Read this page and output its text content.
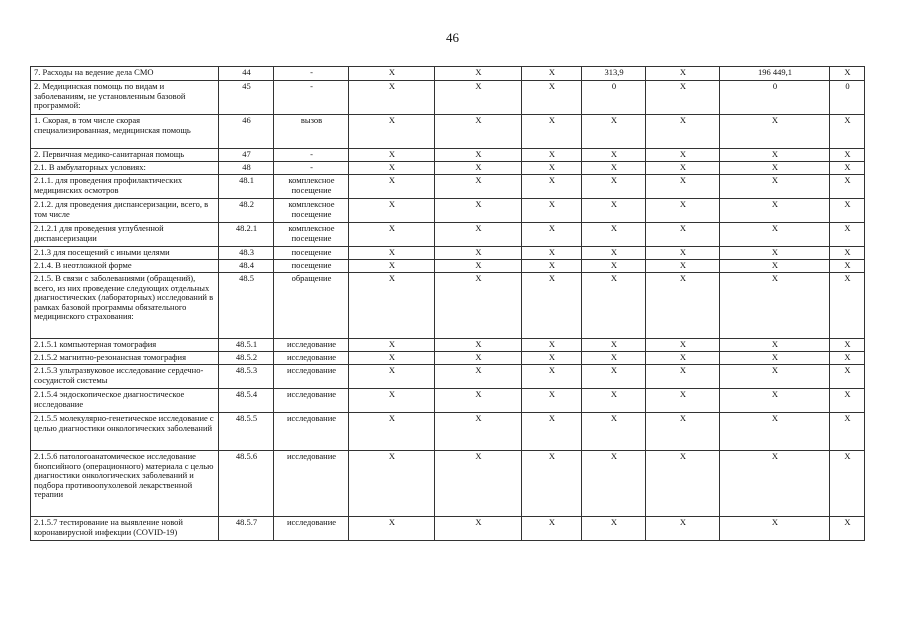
46
7. Расходы на ведение дела СМО	44	-	X	X	X	313,9	X	196 449,1	X
2. Медицинская помощь по видам и заболеваниям, не установленным базовой программой:	45	-	X	X	X	0	X	0	0
1. Скорая, в том числе скорая специализированная, медицинская помощь	46	вызов	X	X	X	X	X	X	X
2. Первичная медико-санитарная помощь	47	-	X	X	X	X	X	X	X
2.1. В амбулаторных условиях:	48	-	X	X	X	X	X	X	X
2.1.1. для проведения профилактических медицинских осмотров	48.1	комплексное посещение	X	X	X	X	X	X	X
2.1.2. для проведения диспансеризации, всего, в том числе	48.2	комплексное посещение	X	X	X	X	X	X	X
2.1.2.1 для проведения углубленной диспансеризации	48.2.1	комплексное посещение	X	X	X	X	X	X	X
2.1.3 для посещений с иными целями	48.3	посещение	X	X	X	X	X	X	X
2.1.4. В неотложной форме	48.4	посещение	X	X	X	X	X	X	X
2.1.5. В связи с заболеваниями (обращений), всего, из них проведение следующих отдельных диагностических (лабораторных) исследований в рамках базовой программы обязательного медицинского страхования:	48.5	обращение	X	X	X	X	X	X	X
2.1.5.1 компьютерная томография	48.5.1	исследование	X	X	X	X	X	X	X
2.1.5.2 магнитно-резонансная томография	48.5.2	исследование	X	X	X	X	X	X	X
2.1.5.3 ультразвуковое исследование сердечно-сосудистой системы	48.5.3	исследование	X	X	X	X	X	X	X
2.1.5.4 эндоскопическое диагностическое исследование	48.5.4	исследование	X	X	X	X	X	X	X
2.1.5.5 молекулярно-генетическое исследование с целью диагностики онкологических заболеваний	48.5.5	исследование	X	X	X	X	X	X	X
2.1.5.6 патологоанатомическое исследование биопсийного (операционного) материала с целью диагностики онкологических заболеваний и подбора противоопухолевой лекарственной терапии	48.5.6	исследование	X	X	X	X	X	X	X
2.1.5.7 тестирование на выявление новой коронавирусной инфекции (COVID-19)	48.5.7	исследование	X	X	X	X	X	X	X
